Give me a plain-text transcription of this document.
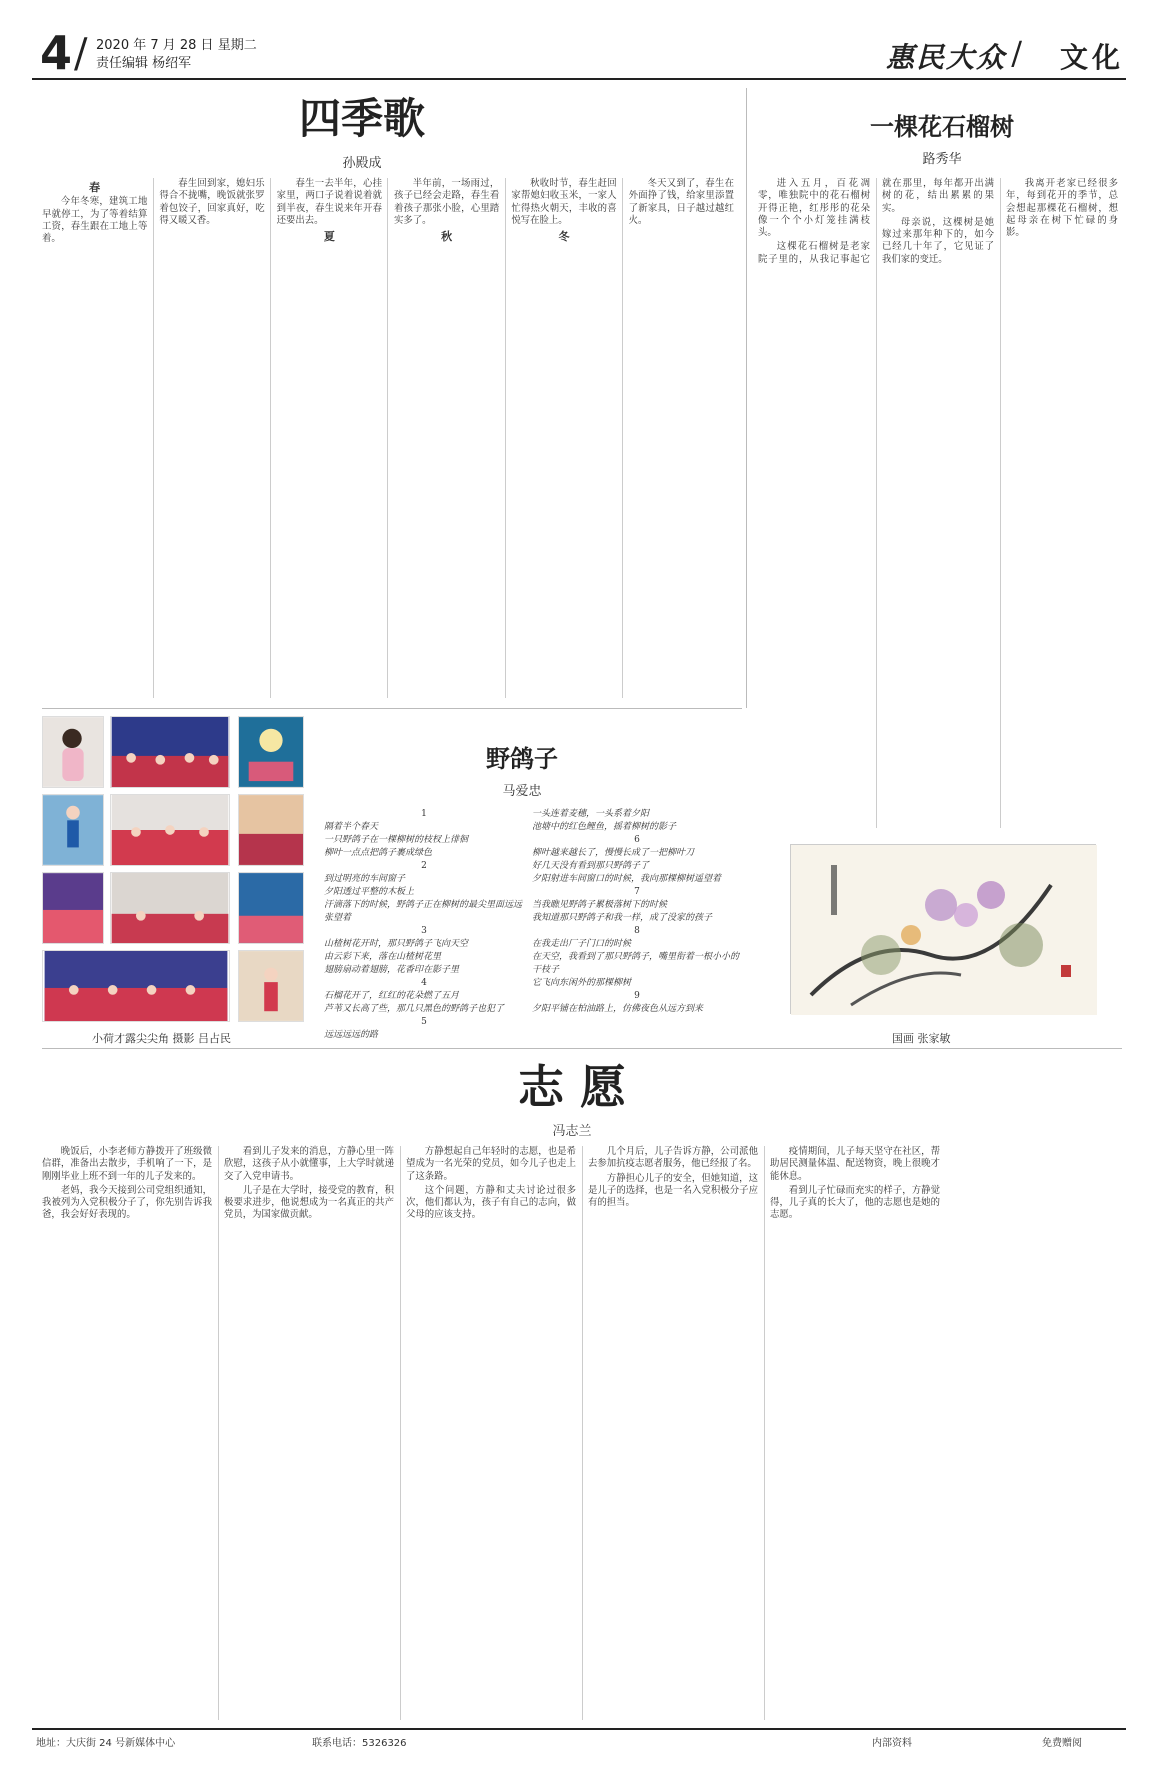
4 / 2020 年 7 月 28 日 星期二
责任编辑 杨绍军	惠民大众 / 文化
四季歌
孙殿成

春

今年冬寒，建筑工地早就停工，为了等着结算工资，春生跟在工地上等着。

春生回到家，媳妇乐得合不拢嘴，晚饭就张罗着包饺子，回家真好，吃得又暖又香。

春生一去半年，心挂家里，两口子说着说着就到半夜，春生说来年开春还要出去。

夏

半年前，一场雨过，孩子已经会走路，春生看着孩子那张小脸，心里踏实多了。

秋

秋收时节，春生赶回家帮媳妇收玉米，一家人忙得热火朝天，丰收的喜悦写在脸上。

冬

冬天又到了，春生在外面挣了钱，给家里添置了新家具，日子越过越红火。

一棵花石榴树
路秀华

进入五月，百花凋零，唯独院中的花石榴树开得正艳，红彤彤的花朵像一个个小灯笼挂满枝头。

这棵花石榴树是老家院子里的，从我记事起它就在那里，每年都开出满树的花，结出累累的果实。

母亲说，这棵树是她嫁过来那年种下的，如今已经几十年了，它见证了我们家的变迁。

我离开老家已经很多年，每到花开的季节，总会想起那棵花石榴树，想起母亲在树下忙碌的身影。

小荷才露尖尖角 摄影 吕占民
野鸽子
马爱忠
1
隔着半个春天
一只野鸽子在一棵柳树的枝杈上徘徊
柳叶一点点把鸽子裹成绿色
2
到过明亮的车间窗子
夕阳透过平整的木板上
汗滴落下的时候，野鸽子正在柳树的最尖里面远远张望着
3
山楂树花开时，那只野鸽子飞向天空
由云彩下来，落在山楂树花里
翅膀扇动着翅膀，花香印在影子里
4
石榴花开了，红红的花朵燃了五月
芦苇又长高了些，那几只黑色的野鸽子也犯了
5
远远远远的路
一头连着麦穗，一头系着夕阳
池塘中的红色鲤鱼，摇着柳树的影子
6
柳叶越来越长了，慢慢长成了一把柳叶刀
好几天没有看到那只野鸽子了
夕阳射进车间窗口的时候，我向那棵柳树遥望着
7
当我瞧见野鸽子累极落树下的时候
我知道那只野鸽子和我一样，成了没家的孩子
8
在我走出厂子门口的时候
在天空，我看到了那只野鸽子，嘴里衔着一根小小的干枝子
它飞向东闲外的那棵柳树
9
夕阳平铺在柏油路上，仿佛夜色从远方到来
国画 张家敏
志 愿
冯志兰

晚饭后，小李老师方静拨开了班级微信群，准备出去散步，手机响了一下，是刚刚毕业上班不到一年的儿子发来的。

老妈，我今天接到公司党组织通知，我被列为入党积极分子了，你先别告诉我爸，我会好好表现的。

看到儿子发来的消息，方静心里一阵欣慰，这孩子从小就懂事，上大学时就递交了入党申请书。

儿子是在大学时，接受党的教育，积极要求进步，他说想成为一名真正的共产党员，为国家做贡献。

方静想起自己年轻时的志愿，也是希望成为一名光荣的党员，如今儿子也走上了这条路。

这个问题，方静和丈夫讨论过很多次，他们都认为，孩子有自己的志向，做父母的应该支持。

几个月后，儿子告诉方静，公司派他去参加抗疫志愿者服务，他已经报了名。

方静担心儿子的安全，但她知道，这是儿子的选择，也是一名入党积极分子应有的担当。

疫情期间，儿子每天坚守在社区，帮助居民测量体温、配送物资，晚上很晚才能休息。

看到儿子忙碌而充实的样子，方静觉得，儿子真的长大了，他的志愿也是她的志愿。

地址：大庆街 24 号新媒体中心	联系电话：5326326	内部资料	免费赠阅
